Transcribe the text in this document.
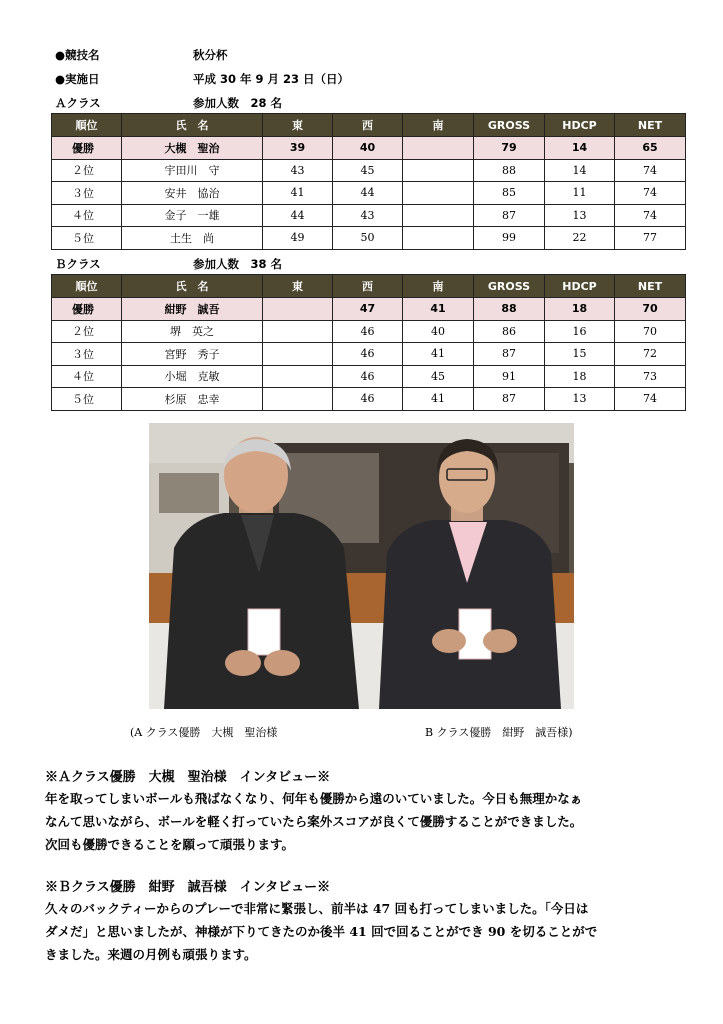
●競技名	秋分杯
●実施日	平成 30 年 9 月 23 日（日）
Ａクラス	参加人数　28 名
順位	氏　名	東	西	南	GROSS	HDCP	NET
優勝	大槻　聖治	39	40		79	14	65
２位	宇田川　守	43	45		88	14	74
３位	安井　協治	41	44		85	11	74
４位	金子　一雄	44	43		87	13	74
５位	土生　尚	49	50		99	22	77
Ｂクラス	参加人数　38 名
順位	氏　名	東	西	南	GROSS	HDCP	NET
優勝	紺野　誠吾		47	41	88	18	70
２位	堺　英之		46	40	86	16	70
３位	宮野　秀子		46	41	87	15	72
４位	小堀　克敏		46	45	91	18	73
５位	杉原　忠幸		46	41	87	13	74
(A クラス優勝　大槻　聖治様	B クラス優勝　紺野　誠吾様)
※Ａクラス優勝　大槻　聖治様　インタビュー※
年を取ってしまいボールも飛ばなくなり、何年も優勝から遠のいていました。今日も無理かなぁ
なんて思いながら、ボールを軽く打っていたら案外スコアが良くて優勝することができました。
次回も優勝できることを願って頑張ります。
※Ｂクラス優勝　紺野　誠吾様　インタビュー※
久々のバックティーからのプレーで非常に緊張し、前半は 47 回も打ってしまいました。「今日は
ダメだ」と思いましたが、神様が下りてきたのか後半 41 回で回ることができ 90 を切ることがで
きました。来週の月例も頑張ります。
